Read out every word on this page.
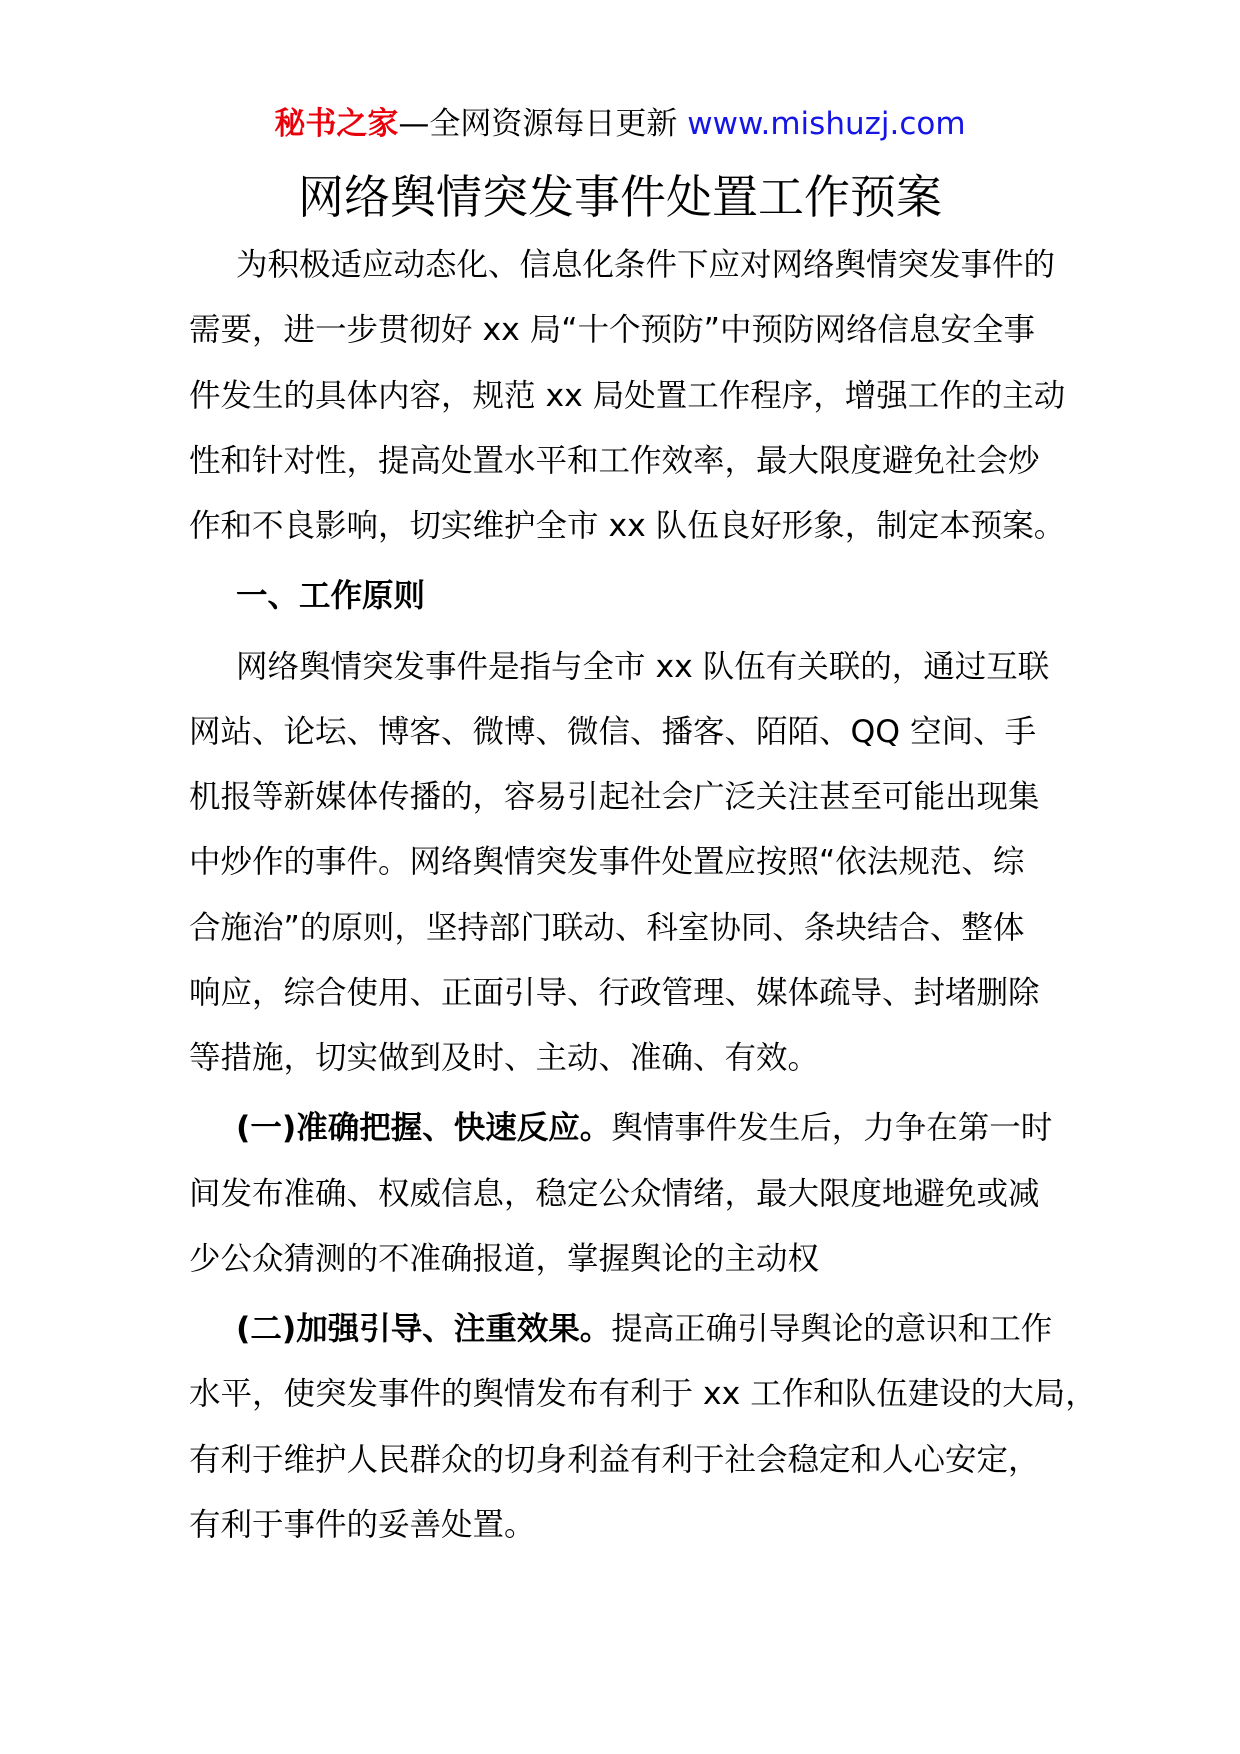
秘书之家—全网资源每日更新 www.mishuzj.com
网络舆情突发事件处置工作预案
为积极适应动态化、信息化条件下应对网络舆情突发事件的
需要，进一步贯彻好 xx 局“十个预防”中预防网络信息安全事
件发生的具体内容，规范 xx 局处置工作程序，增强工作的主动
性和针对性，提高处置水平和工作效率，最大限度避免社会炒
作和不良影响，切实维护全市 xx 队伍良好形象，制定本预案。
一、工作原则
网络舆情突发事件是指与全市 xx 队伍有关联的，通过互联
网站、论坛、博客、微博、微信、播客、陌陌、QQ 空间、手
机报等新媒体传播的，容易引起社会广泛关注甚至可能出现集
中炒作的事件。网络舆情突发事件处置应按照“依法规范、综
合施治”的原则，坚持部门联动、科室协同、条块结合、整体
响应，综合使用、正面引导、行政管理、媒体疏导、封堵删除
等措施，切实做到及时、主动、准确、有效。
(一)准确把握、快速反应。舆情事件发生后，力争在第一时
间发布准确、权威信息，稳定公众情绪，最大限度地避免或减
少公众猜测的不准确报道，掌握舆论的主动权
(二)加强引导、注重效果。提高正确引导舆论的意识和工作
水平，使突发事件的舆情发布有利于 xx 工作和队伍建设的大局，
有利于维护人民群众的切身利益有利于社会稳定和人心安定，
有利于事件的妥善处置。
